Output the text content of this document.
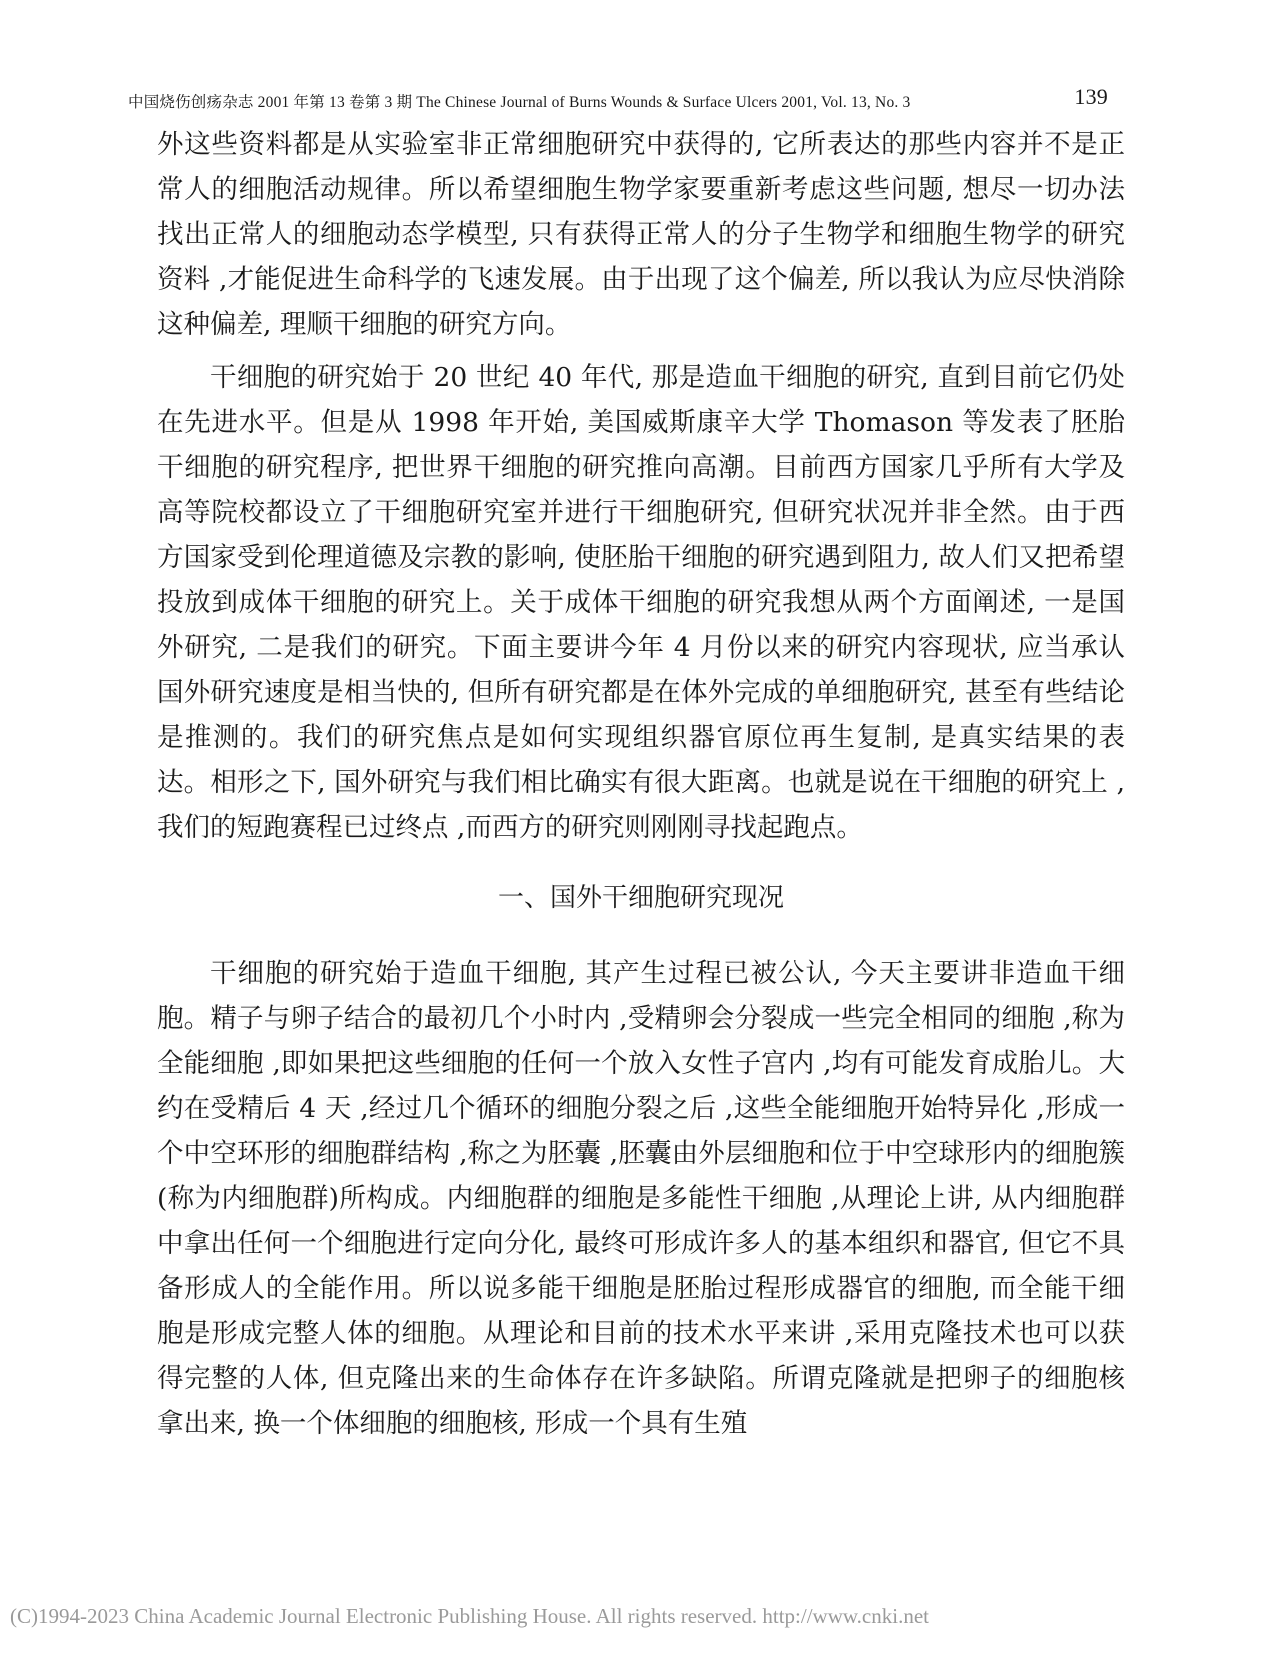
中国烧伤创疡杂志 2001 年第 13 卷第 3 期 The Chinese Journal of Burns Wounds & Surface Ulcers 2001, Vol. 13, No. 3	139

外这些资料都是从实验室非正常细胞研究中获得的, 它所表达的那些内容并不是正常人的细胞活动规律。所以希望细胞生物学家要重新考虑这些问题, 想尽一切办法找出正常人的细胞动态学模型, 只有获得正常人的分子生物学和细胞生物学的研究资料 ,才能促进生命科学的飞速发展。由于出现了这个偏差, 所以我认为应尽快消除这种偏差, 理顺干细胞的研究方向。

干细胞的研究始于 20 世纪 40 年代, 那是造血干细胞的研究, 直到目前它仍处在先进水平。但是从 1998 年开始, 美国威斯康辛大学 Thomason 等发表了胚胎干细胞的研究程序, 把世界干细胞的研究推向高潮。目前西方国家几乎所有大学及高等院校都设立了干细胞研究室并进行干细胞研究, 但研究状况并非全然。由于西方国家受到伦理道德及宗教的影响, 使胚胎干细胞的研究遇到阻力, 故人们又把希望投放到成体干细胞的研究上。关于成体干细胞的研究我想从两个方面阐述, 一是国外研究, 二是我们的研究。下面主要讲今年 4 月份以来的研究内容现状, 应当承认国外研究速度是相当快的, 但所有研究都是在体外完成的单细胞研究, 甚至有些结论是推测的。我们的研究焦点是如何实现组织器官原位再生复制, 是真实结果的表达。相形之下, 国外研究与我们相比确实有很大距离。也就是说在干细胞的研究上 ,我们的短跑赛程已过终点 ,而西方的研究则刚刚寻找起跑点。

一、国外干细胞研究现况

干细胞的研究始于造血干细胞, 其产生过程已被公认, 今天主要讲非造血干细胞。精子与卵子结合的最初几个小时内 ,受精卵会分裂成一些完全相同的细胞 ,称为全能细胞 ,即如果把这些细胞的任何一个放入女性子宫内 ,均有可能发育成胎儿。大约在受精后 4 天 ,经过几个循环的细胞分裂之后 ,这些全能细胞开始特异化 ,形成一个中空环形的细胞群结构 ,称之为胚囊 ,胚囊由外层细胞和位于中空球形内的细胞簇(称为内细胞群)所构成。内细胞群的细胞是多能性干细胞 ,从理论上讲, 从内细胞群中拿出任何一个细胞进行定向分化, 最终可形成许多人的基本组织和器官, 但它不具备形成人的全能作用。所以说多能干细胞是胚胎过程形成器官的细胞, 而全能干细胞是形成完整人体的细胞。从理论和目前的技术水平来讲 ,采用克隆技术也可以获得完整的人体, 但克隆出来的生命体存在许多缺陷。所谓克隆就是把卵子的细胞核拿出来, 换一个体细胞的细胞核, 形成一个具有生殖

(C)1994-2023 China Academic Journal Electronic Publishing House. All rights reserved. http://www.cnki.net
